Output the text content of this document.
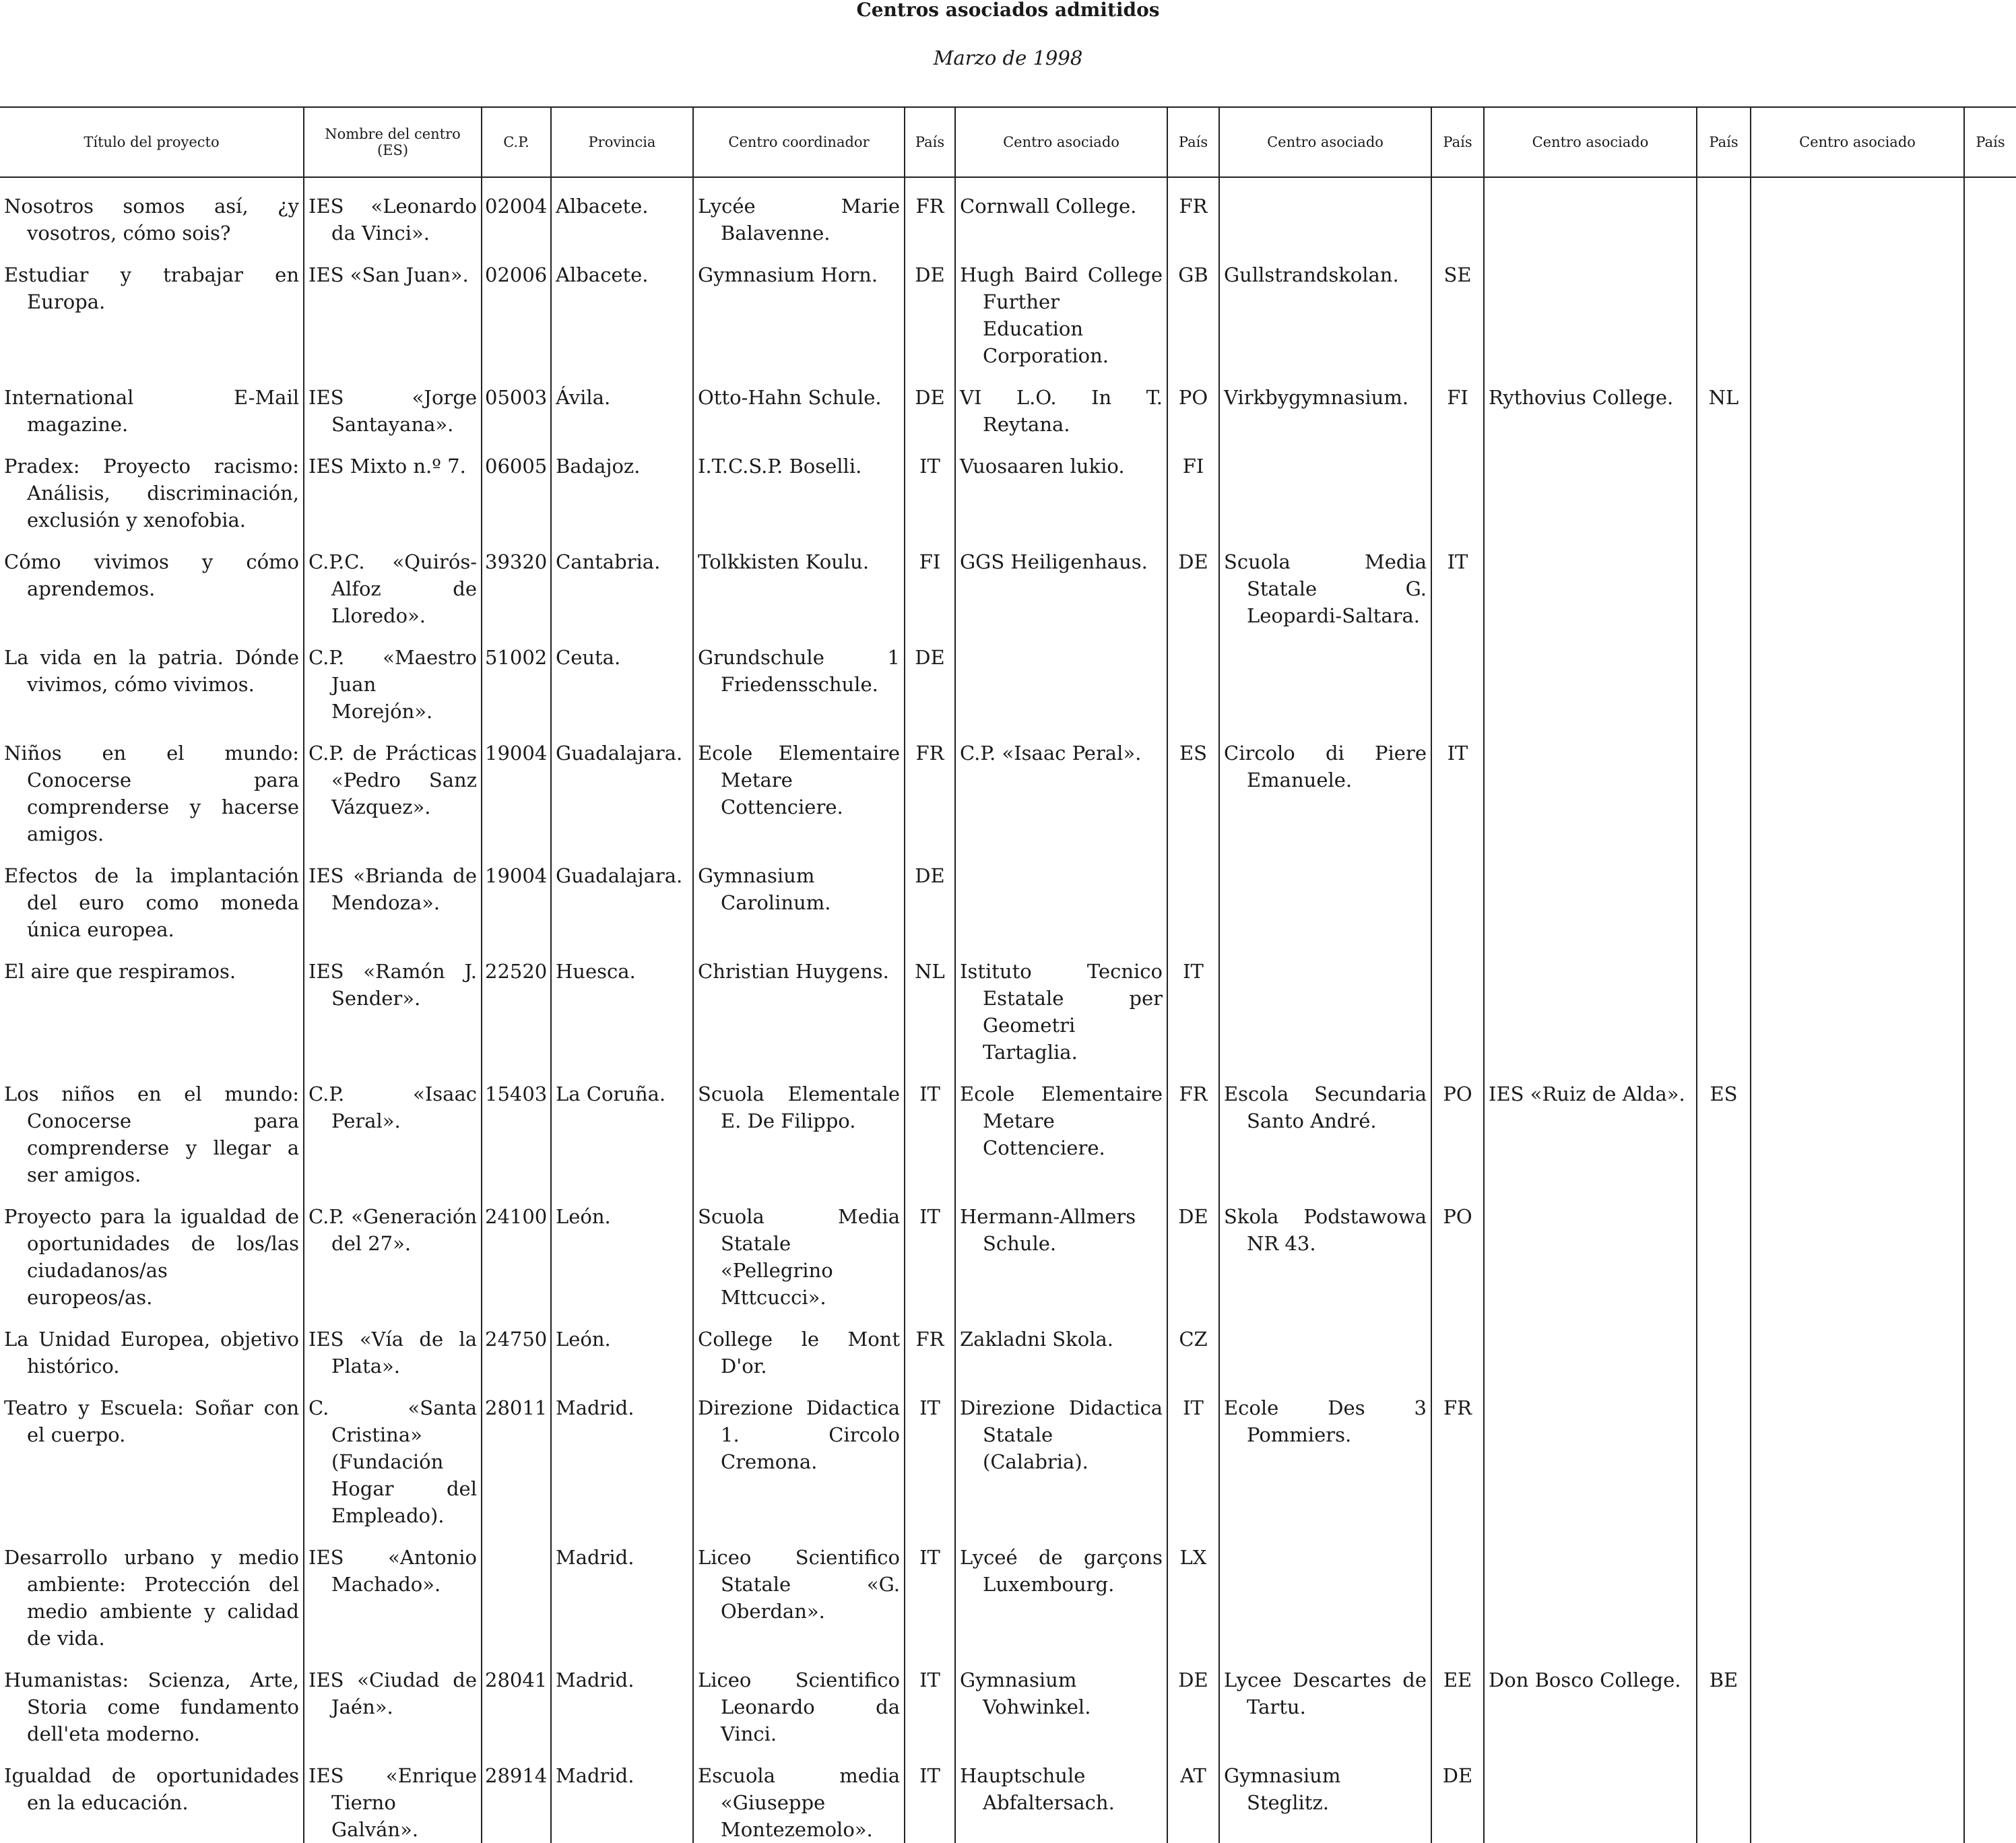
Centros asociados admitidos
Marzo de 1998
Título del proyecto	Nombre del centro (ES)	C.P.	Provincia	Centro coordinador	País	Centro asociado	País	Centro asociado	País	Centro asociado	País	Centro asociado	País

Nosotros somos así, ¿y vosotros, cómo sois?	IES «Leonardo da Vinci».	02004	Albacete.	Lycée Marie Balavenne.	FR	Cornwall College.	FR	

Estudiar y trabajar en Europa.	IES «San Juan».	02006	Albacete.	Gymnasium Horn.	DE	Hugh Baird College Further Education Corporation.	GB	Gullstrandskolan.	SE	

International E-Mail magazine.	IES «Jorge Santayana».	05003	Ávila.	Otto-Hahn Schule.	DE	VI L.O. In T. Reytana.	PO	Virkbygymnasium.	FI	Rythovius College.	NL	

Pradex: Proyecto racismo: Análisis, discriminación, exclusión y xenofobia.	IES Mixto n.º 7.	06005	Badajoz.	I.T.C.S.P. Boselli.	IT	Vuosaaren lukio.	FI	

Cómo vivimos y cómo aprendemos.	C.P.C. «Quirós-Alfoz de Lloredo».	39320	Cantabria.	Tolkkisten Koulu.	FI	GGS Heiligenhaus.	DE	Scuola Media Statale G. Leopardi-Saltara.	IT	

La vida en la patria. Dónde vivimos, cómo vivimos.	C.P. «Maestro Juan Morejón».	51002	Ceuta.	Grundschule 1 Friedensschule.	DE	

Niños en el mundo: Conocerse para comprenderse y hacerse amigos.	C.P. de Prácticas «Pedro Sanz Vázquez».	19004	Guadalajara.	Ecole Elementaire Metare Cottenciere.	FR	C.P. «Isaac Peral».	ES	Circolo di Piere Emanuele.	IT	

Efectos de la implantación del euro como moneda única europea.	IES «Brianda de Mendoza».	19004	Guadalajara.	Gymnasium Carolinum.	DE	

El aire que respiramos.	IES «Ramón J. Sender».	22520	Huesca.	Christian Huygens.	NL	Istituto Tecnico Estatale per Geometri Tartaglia.	IT	

Los niños en el mundo: Conocerse para comprenderse y llegar a ser amigos.	C.P. «Isaac Peral».	15403	La Coruña.	Scuola Elementale E. De Filippo.	IT	Ecole Elementaire Metare Cottenciere.	FR	Escola Secundaria Santo André.	PO	IES «Ruiz de Alda».	ES	

Proyecto para la igualdad de oportunidades de los/las ciudadanos/as europeos/as.	C.P. «Generación del 27».	24100	León.	Scuola Media Statale «Pellegrino Mttcucci».	IT	Hermann-Allmers Schule.	DE	Skola Podstawowa NR 43.	PO	

La Unidad Europea, objetivo histórico.	IES «Vía de la Plata».	24750	León.	College le Mont D'or.	FR	Zakladni Skola.	CZ	

Teatro y Escuela: Soñar con el cuerpo.	C. «Santa Cristina» (Fundación Hogar del Empleado).	28011	Madrid.	Direzione Didactica 1. Circolo Cremona.	IT	Direzione Didactica Statale (Calabria).	IT	Ecole Des 3 Pommiers.	FR	

Desarrollo urbano y medio ambiente: Protección del medio ambiente y calidad de vida.	IES «Antonio Machado».		Madrid.	Liceo Scientifico Statale «G. Oberdan».	IT	Lyceé de garçons Luxembourg.	LX	

Humanistas: Scienza, Arte, Storia come fundamento dell'eta moderno.	IES «Ciudad de Jaén».	28041	Madrid.	Liceo Scientifico Leonardo da Vinci.	IT	Gymnasium Vohwinkel.	DE	Lycee Descartes de Tartu.	EE	Don Bosco College.	BE	

Igualdad de oportunidades en la educación.	IES «Enrique Tierno Galván».	28914	Madrid.	Escuola media «Giuseppe Montezemolo».	IT	Hauptschule Abfaltersach.	AT	Gymnasium Steglitz.	DE	
